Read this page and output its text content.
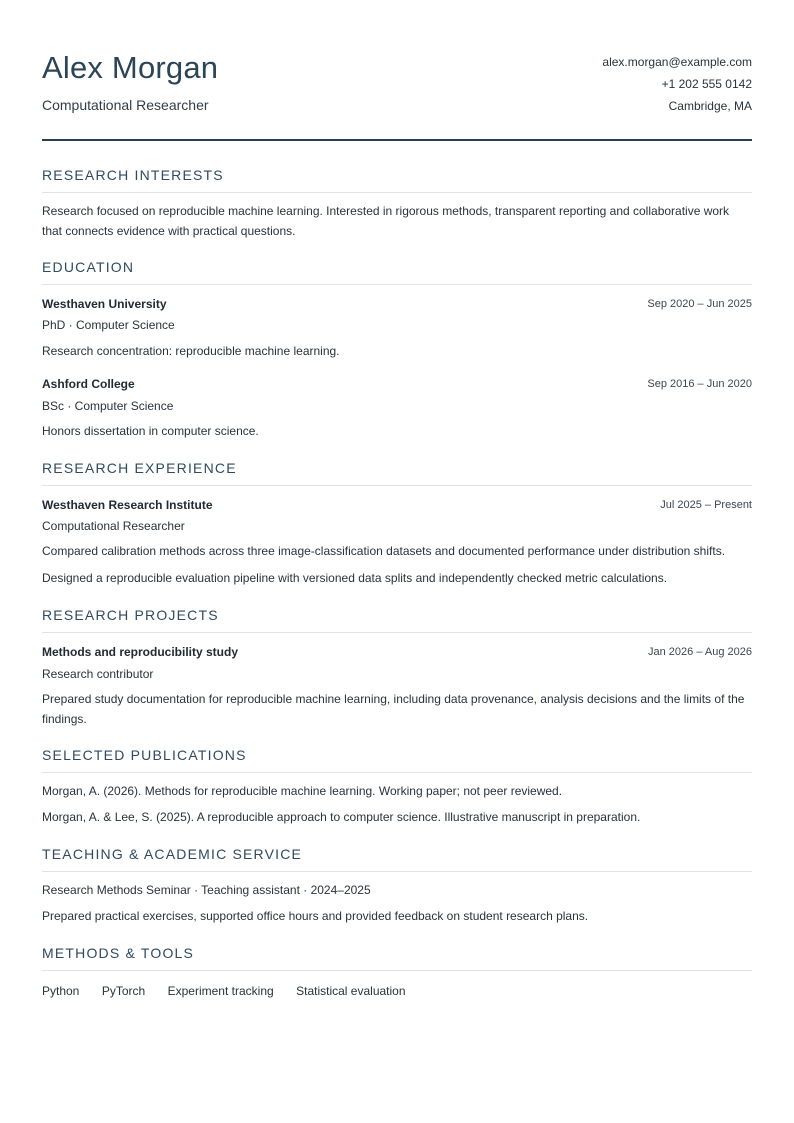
Alex Morgan
Computational Researcher
alex.morgan@example.com
+1 202 555 0142
Cambridge, MA
RESEARCH INTERESTS

Research focused on reproducible machine learning. Interested in rigorous methods, transparent reporting and collaborative work that connects evidence with practical questions.

EDUCATION
Westhaven University	Sep 2020 – Jun 2025
PhD · Computer Science
Research concentration: reproducible machine learning.
Ashford College	Sep 2016 – Jun 2020
BSc · Computer Science
Honors dissertation in computer science.
RESEARCH EXPERIENCE
Westhaven Research Institute	Jul 2025 – Present
Computational Researcher
Compared calibration methods across three image-classification datasets and documented performance under distribution shifts.
Designed a reproducible evaluation pipeline with versioned data splits and independently checked metric calculations.
RESEARCH PROJECTS
Methods and reproducibility study	Jan 2026 – Aug 2026
Research contributor

Prepared study documentation for reproducible machine learning, including data provenance, analysis decisions and the limits of the findings.

SELECTED PUBLICATIONS
Morgan, A. (2026). Methods for reproducible machine learning. Working paper; not peer reviewed.
Morgan, A. & Lee, S. (2025). A reproducible approach to computer science. Illustrative manuscript in preparation.
TEACHING & ACADEMIC SERVICE
Research Methods Seminar · Teaching assistant · 2024–2025
Prepared practical exercises, supported office hours and provided feedback on student research plans.
METHODS & TOOLS
Python PyTorch Experiment tracking Statistical evaluation
